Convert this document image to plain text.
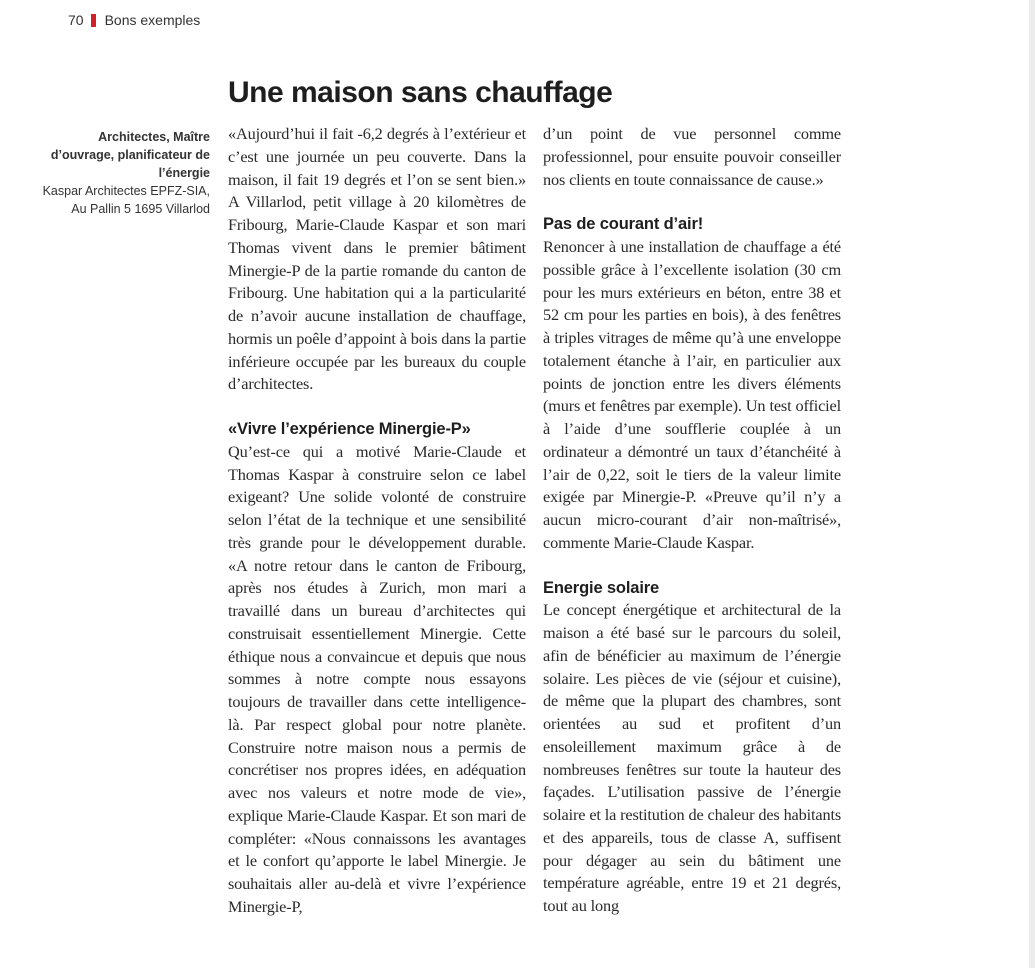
70 Bons exemples
Une maison sans chauffage
Architectes, Maître d’ouvrage, planificateur de l’énergie
Kaspar Architectes EPFZ-SIA, Au Pallin 5 1695 Villarlod

«Aujourd’hui il fait -6,2 degrés à l’extérieur et c’est une journée un peu couverte. Dans la maison, il fait 19 degrés et l’on se sent bien.» A Villarlod, petit village à 20 kilomètres de Fribourg, Marie-Claude Kaspar et son mari Thomas vivent dans le premier bâtiment Minergie-P de la partie romande du canton de Fribourg. Une habitation qui a la particularité de n’avoir aucune installation de chauffage, hormis un poêle d’appoint à bois dans la partie inférieure occupée par les bureaux du couple d’architectes.

«Vivre l’expérience Minergie-P»

Qu’est-ce qui a motivé Marie-Claude et Thomas Kaspar à construire selon ce label exigeant? Une solide volonté de construire selon l’état de la technique et une sensibilité très grande pour le développement durable. «A notre retour dans le canton de Fribourg, après nos études à Zurich, mon mari a travaillé dans un bureau d’architectes qui construisait essentiellement Minergie. Cette éthique nous a convaincue et depuis que nous sommes à notre compte nous essayons toujours de travailler dans cette intelligence-là. Par respect global pour notre planète. Construire notre maison nous a permis de concrétiser nos propres idées, en adéquation avec nos valeurs et notre mode de vie», explique Marie-Claude Kaspar. Et son mari de compléter: «Nous connaissons les avantages et le confort qu’apporte le label Minergie. Je souhaitais aller au-delà et vivre l’expérience Minergie-P,

d’un point de vue personnel comme professionnel, pour ensuite pouvoir conseiller nos clients en toute connaissance de cause.»

Pas de courant d’air!

Renoncer à une installation de chauffage a été possible grâce à l’excellente isolation (30 cm pour les murs extérieurs en béton, entre 38 et 52 cm pour les parties en bois), à des fenêtres à triples vitrages de même qu’à une enveloppe totalement étanche à l’air, en particulier aux points de jonction entre les divers éléments (murs et fenêtres par exemple). Un test officiel à l’aide d’une soufflerie couplée à un ordinateur a démontré un taux d’étanchéité à l’air de 0,22, soit le tiers de la valeur limite exigée par Minergie-P. «Preuve qu’il n’y a aucun micro-courant d’air non-maîtrisé», commente Marie-Claude Kaspar.

Energie solaire

Le concept énergétique et architectural de la maison a été basé sur le parcours du soleil, afin de bénéficier au maximum de l’énergie solaire. Les pièces de vie (séjour et cuisine), de même que la plupart des chambres, sont orientées au sud et profitent d’un ensoleillement maximum grâce à de nombreuses fenêtres sur toute la hauteur des façades. L’utilisation passive de l’énergie solaire et la restitution de chaleur des habitants et des appareils, tous de classe A, suffisent pour dégager au sein du bâtiment une température agréable, entre 19 et 21 degrés, tout au long
